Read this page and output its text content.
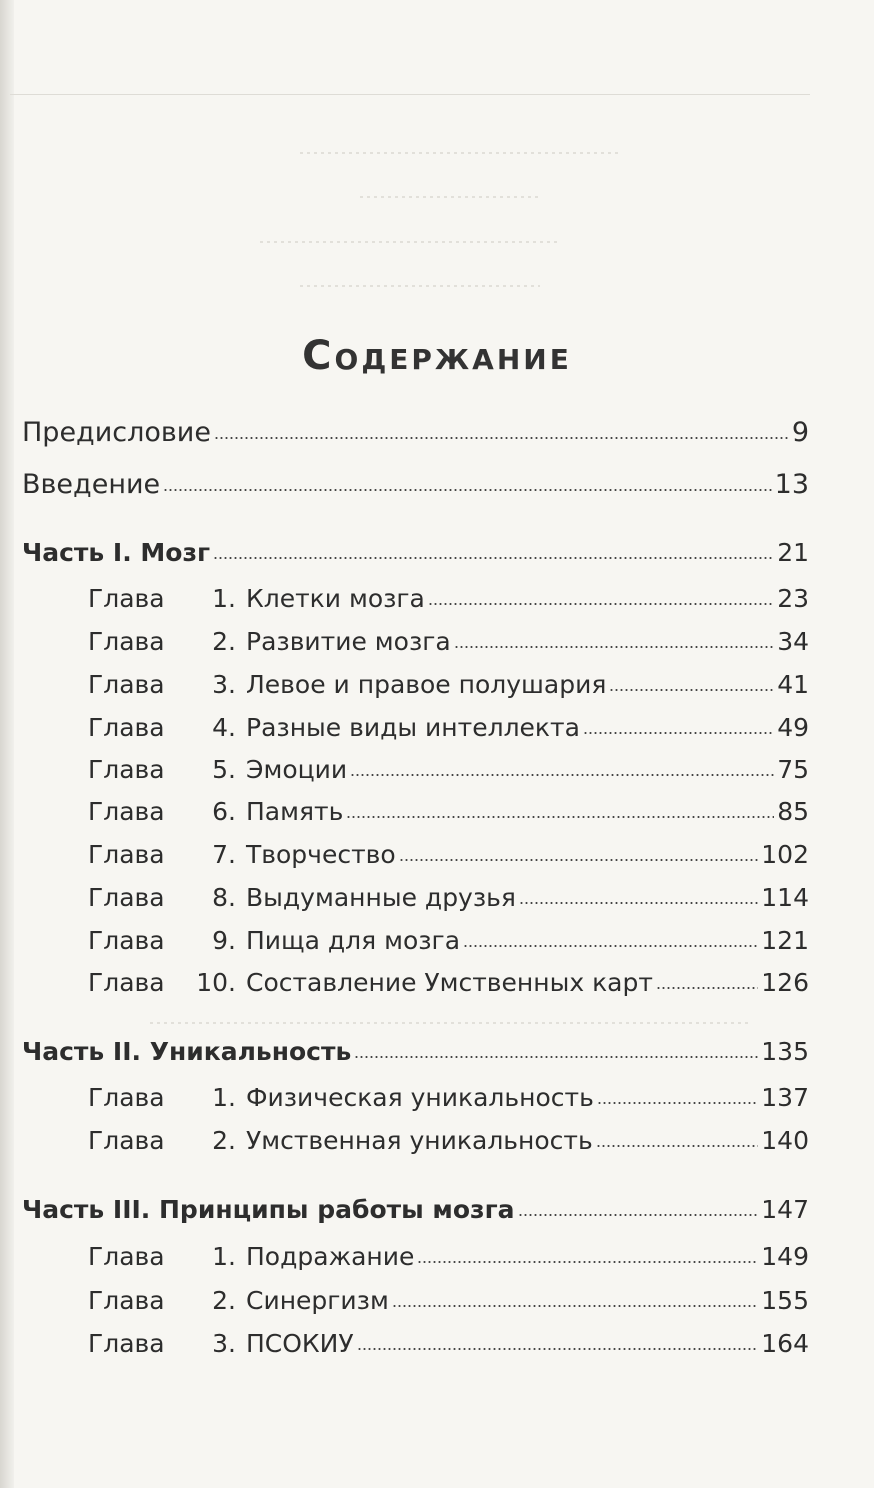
Содержание
Предисловие	9
Введение	13
Часть I. Мозг	21
Глава	1. Клетки мозга	23
Глава	2. Развитие мозга	34
Глава	3. Левое и правое полушария	41
Глава	4. Разные виды интеллекта	49
Глава	5. Эмоции	75
Глава	6. Память	85
Глава	7. Творчество	102
Глава	8. Выдуманные друзья	114
Глава	9. Пища для мозга	121
Глава	10. Составление Умственных карт	126
Часть II. Уникальность	135
Глава	1. Физическая уникальность	137
Глава	2. Умственная уникальность	140
Часть III. Принципы работы мозга	147
Глава	1. Подражание	149
Глава	2. Синергизм	155
Глава	3. ПСОКИУ	164
